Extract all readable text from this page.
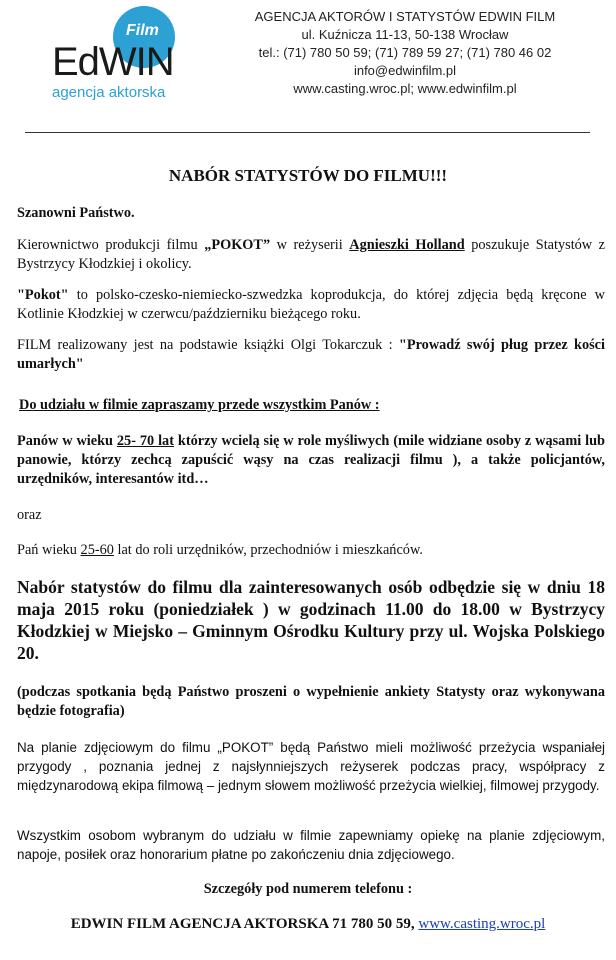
Film
EdWIN
agencja aktorska
AGENCJA AKTORÓW I STATYSTÓW EDWIN FILM
ul. Kuźnicza 11-13, 50-138 Wrocław
tel.: (71) 780 50 59; (71) 789 59 27; (71) 780 46 02
info@edwinfilm.pl
www.casting.wroc.pl; www.edwinfilm.pl
NABÓR STATYSTÓW DO FILMU!!!

Szanowni Państwo.

Kierownictwo produkcji filmu „POKOT” w reżyserii Agnieszki Holland poszukuje Statystów z Bystrzycy Kłodzkiej i okolicy.

"Pokot" to polsko-czesko-niemiecko-szwedzka koprodukcja, do której zdjęcia będą kręcone w Kotlinie Kłodzkiej w czerwcu/październiku bieżącego roku.

FILM realizowany jest na podstawie książki Olgi Tokarczuk : "Prowadź swój pług przez kości umarłych"

Do udziału w filmie zapraszamy przede wszystkim Panów :

Panów w wieku 25- 70 lat którzy wcielą się w role myśliwych (mile widziane osoby z wąsami lub panowie, którzy zechcą zapuścić wąsy na czas realizacji filmu ), a także policjantów, urzędników, interesantów itd…

oraz

Pań wieku 25-60 lat do roli urzędników, przechodniów i mieszkańców.

Nabór statystów do filmu dla zainteresowanych osób odbędzie się w dniu 18 maja 2015 roku (poniedziałek ) w godzinach 11.00 do 18.00 w Bystrzycy Kłodzkiej w Miejsko – Gminnym Ośrodku Kultury przy ul. Wojska Polskiego 20.

(podczas spotkania będą Państwo proszeni o wypełnienie ankiety Statysty oraz wykonywana będzie fotografia)

Na planie zdjęciowym do filmu „POKOT” będą Państwo mieli możliwość przeżycia wspaniałej przygody , poznania jednej z najsłynniejszych reżyserek podczas pracy, współpracy z międzynarodową ekipa filmową – jednym słowem możliwość przeżycia wielkiej, filmowej przygody.

Wszystkim osobom wybranym do udziału w filmie zapewniamy opiekę na planie zdjęciowym, napoje, posiłek oraz honorarium płatne po zakończeniu dnia zdjęciowego.

Szczegóły pod numerem telefonu :

EDWIN FILM AGENCJA AKTORSKA 71 780 50 59, www.casting.wroc.pl
